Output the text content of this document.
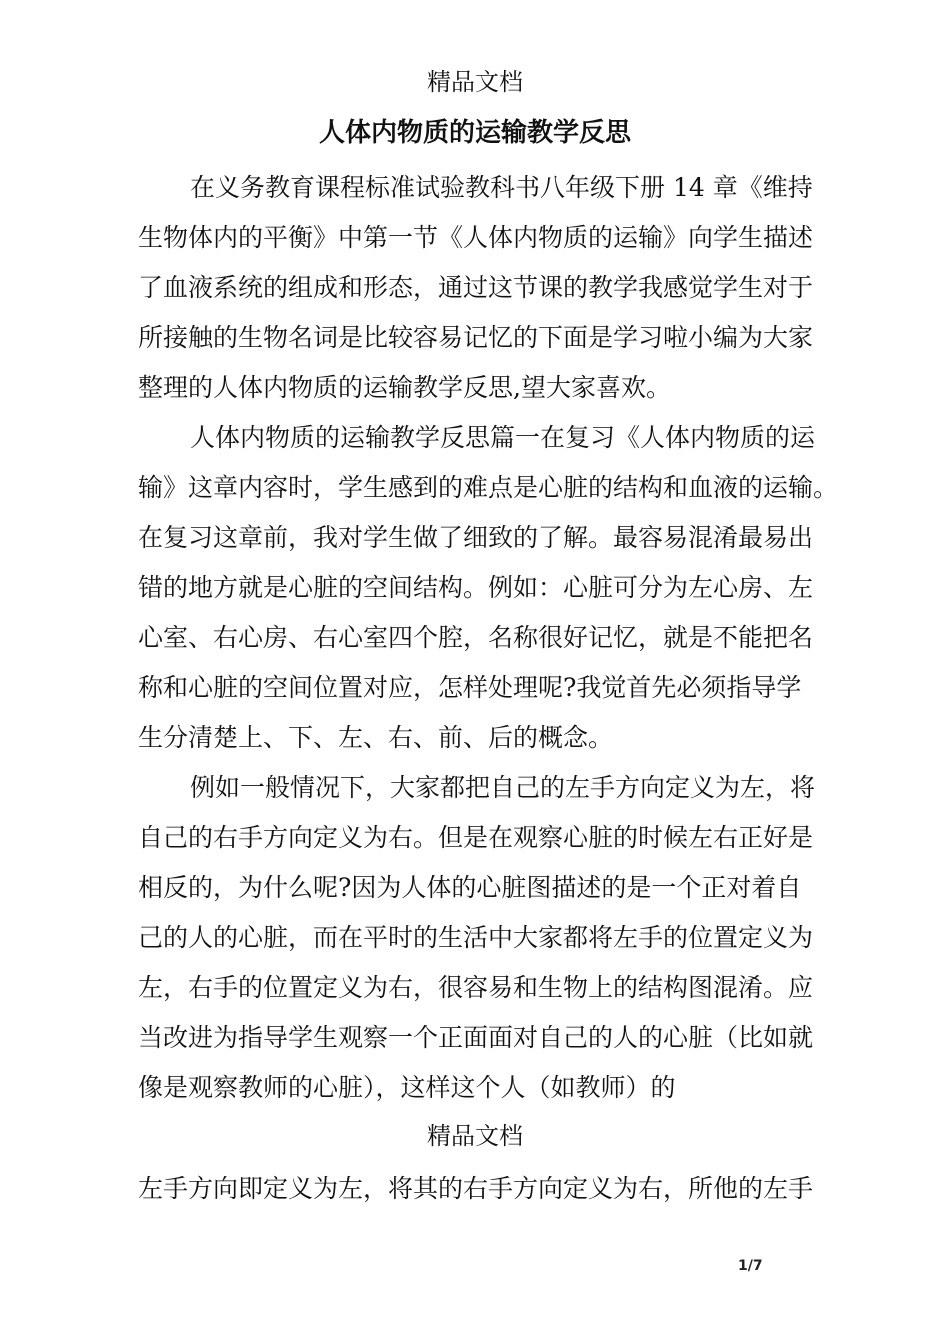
精品文档
人体内物质的运输教学反思
在义务教育课程标准试验教科书八年级下册 14 章《维持
生物体内的平衡》中第一节《人体内物质的运输》向学生描述
了血液系统的组成和形态，通过这节课的教学我感觉学生对于
所接触的生物名词是比较容易记忆的下面是学习啦小编为大家
整理的人体内物质的运输教学反思,望大家喜欢。
人体内物质的运输教学反思篇一在复习《人体内物质的运
输》这章内容时，学生感到的难点是心脏的结构和血液的运输。
在复习这章前，我对学生做了细致的了解。最容易混淆最易出
错的地方就是心脏的空间结构。例如：心脏可分为左心房、左
心室、右心房、右心室四个腔，名称很好记忆，就是不能把名
称和心脏的空间位置对应，怎样处理呢?我觉首先必须指导学
生分清楚上、下、左、右、前、后的概念。
例如一般情况下，大家都把自己的左手方向定义为左，将
自己的右手方向定义为右。但是在观察心脏的时候左右正好是
相反的，为什么呢?因为人体的心脏图描述的是一个正对着自
己的人的心脏，而在平时的生活中大家都将左手的位置定义为
左，右手的位置定义为右，很容易和生物上的结构图混淆。应
当改进为指导学生观察一个正面面对自己的人的心脏（比如就
像是观察教师的心脏），这样这个人（如教师）的
精品文档
左手方向即定义为左，将其的右手方向定义为右，所他的左手
1/7
